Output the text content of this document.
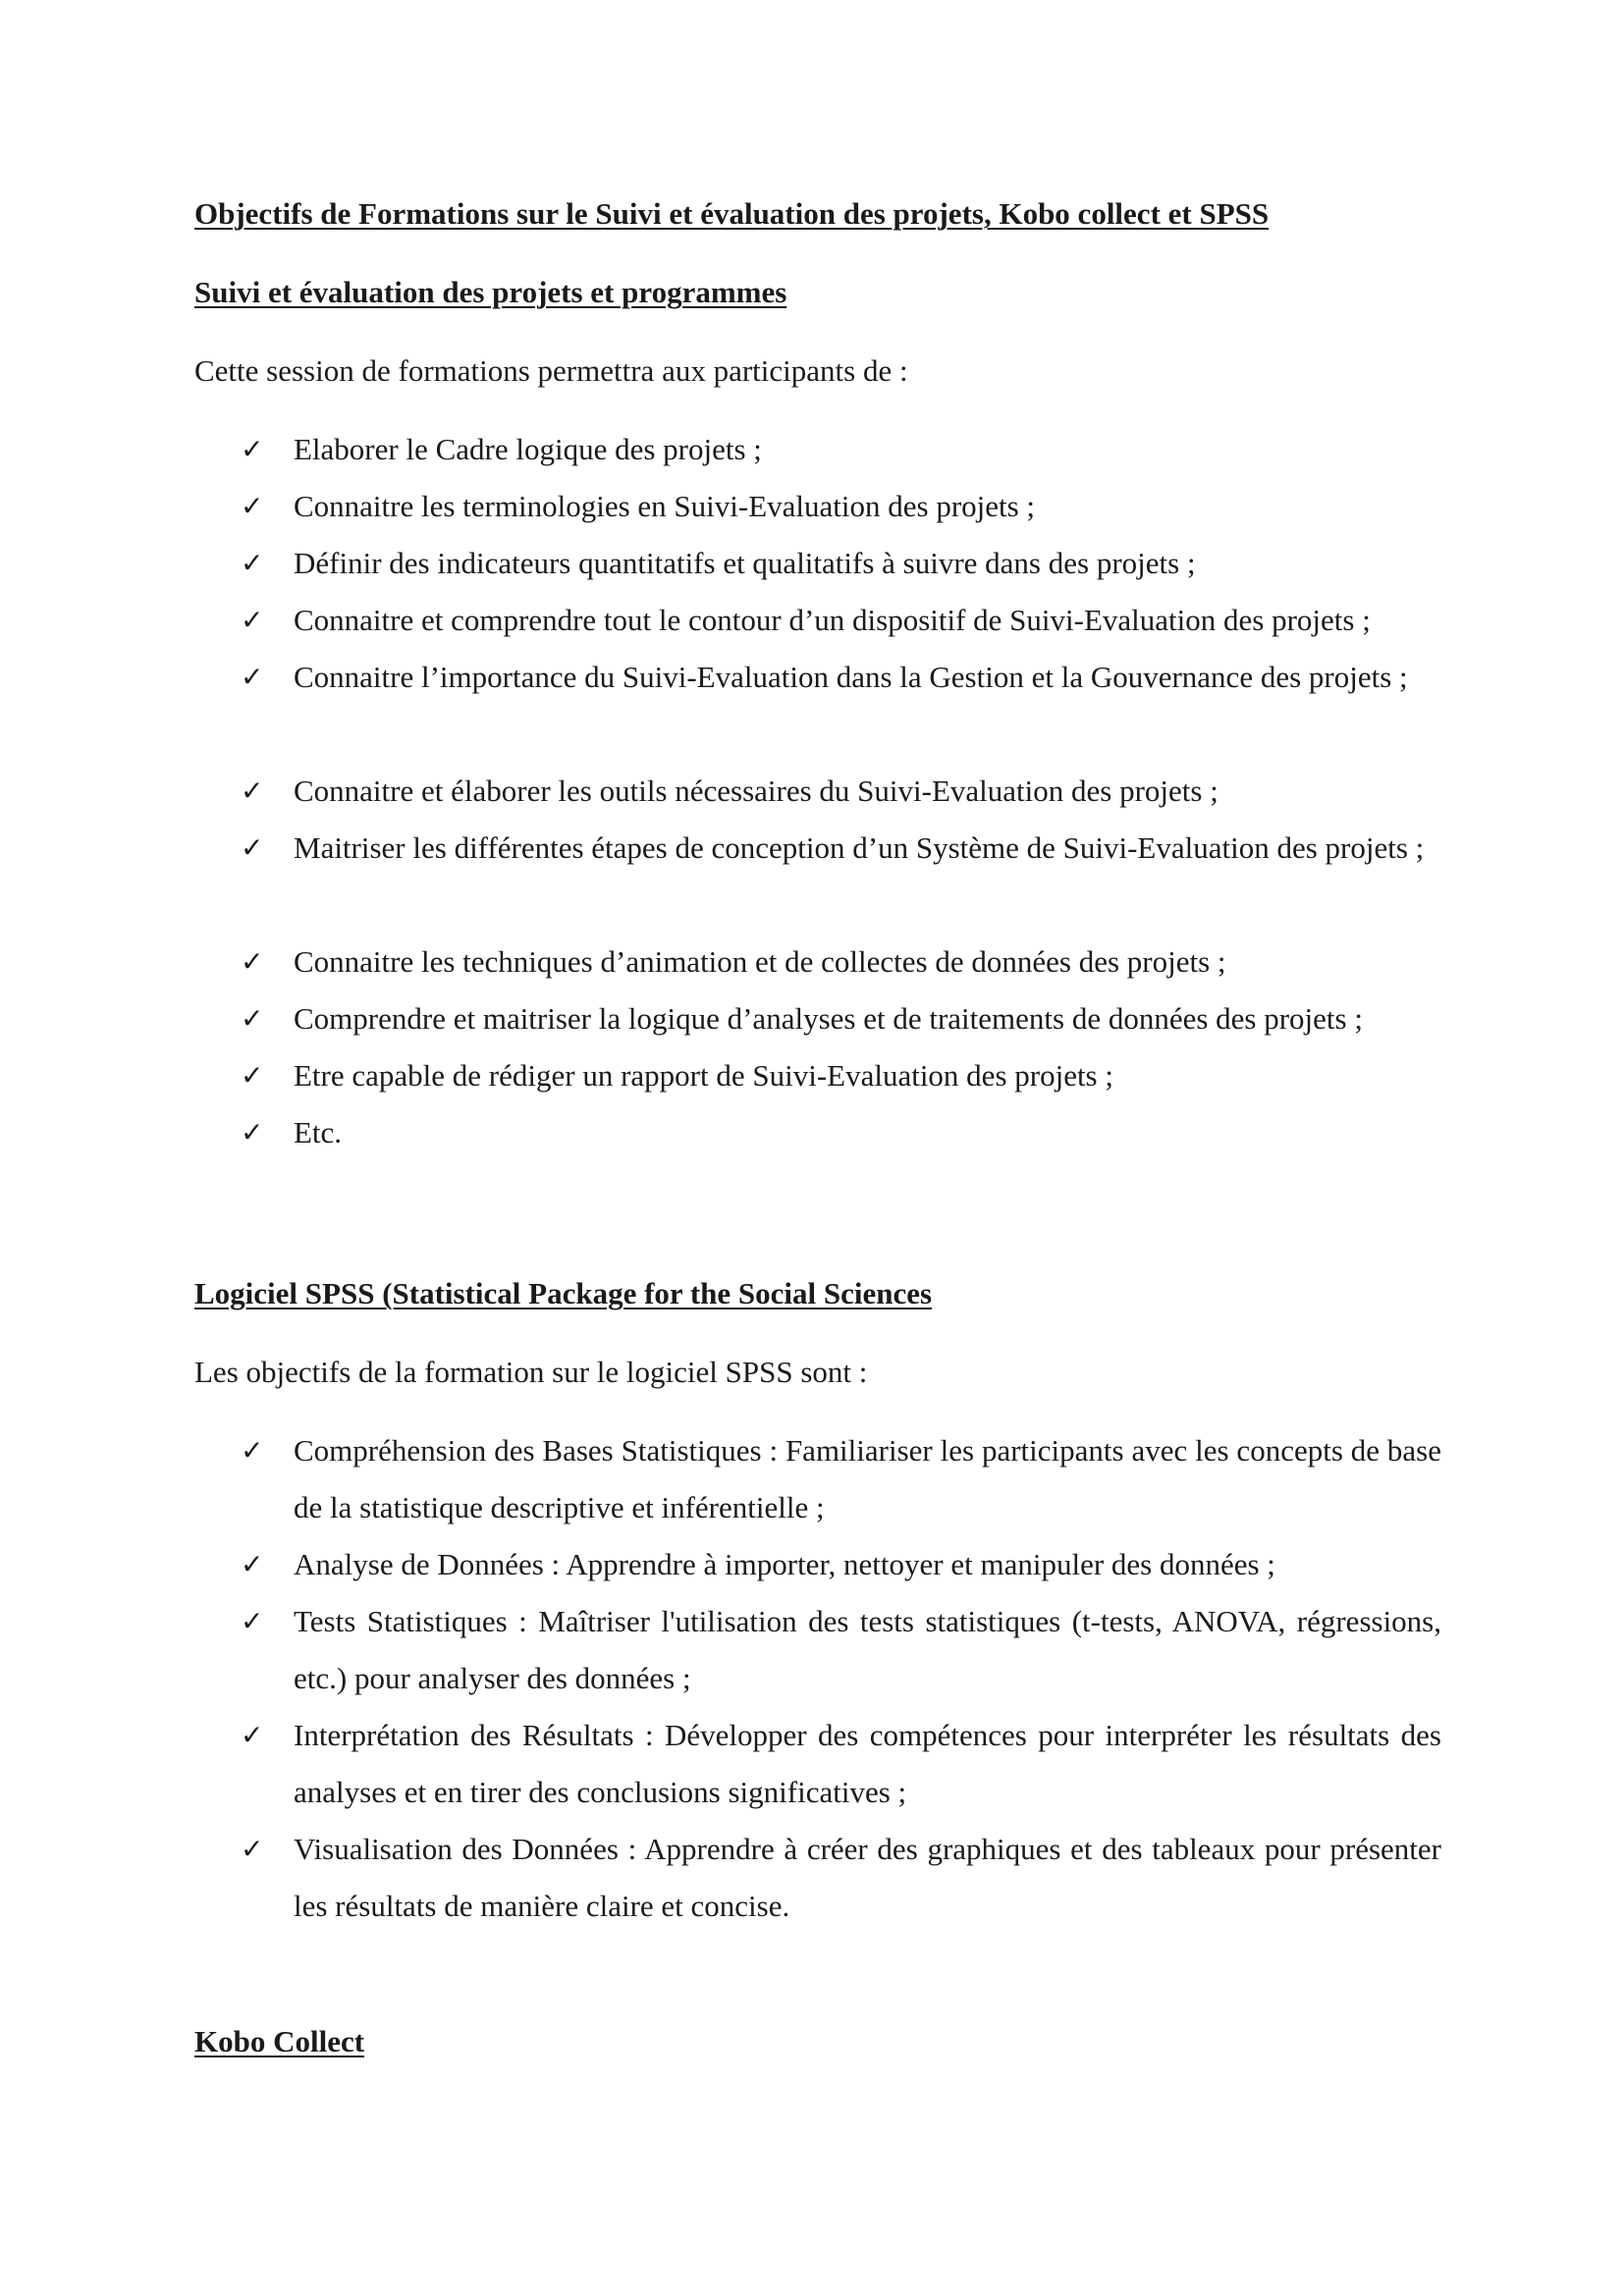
Objectifs de Formations sur le Suivi et évaluation des projets, Kobo collect et SPSS
Suivi et évaluation des projets et programmes
Cette session de formations permettra aux participants de :
✓ Elaborer le Cadre logique des projets ;
✓ Connaitre les terminologies en Suivi-Evaluation des projets ;
✓ Définir des indicateurs quantitatifs et qualitatifs à suivre dans des projets ;
✓ Connaitre et comprendre tout le contour d’un dispositif de Suivi-Evaluation des projets ;
✓ Connaitre l’importance du Suivi-Evaluation dans la Gestion et la Gouvernance des projets ;
✓ Connaitre et élaborer les outils nécessaires du Suivi-Evaluation des projets ;
✓ Maitriser les différentes étapes de conception d’un Système de Suivi-Evaluation des projets ;
✓ Connaitre les techniques d’animation et de collectes de données des projets ;
✓ Comprendre et maitriser la logique d’analyses et de traitements de données des projets ;
✓ Etre capable de rédiger un rapport de Suivi-Evaluation des projets ;
✓ Etc.
Logiciel SPSS (Statistical Package for the Social Sciences
Les objectifs de la formation sur le logiciel SPSS sont :
✓ Compréhension des Bases Statistiques : Familiariser les participants avec les concepts de base de la statistique descriptive et inférentielle ;
✓ Analyse de Données : Apprendre à importer, nettoyer et manipuler des données ;
✓ Tests Statistiques : Maîtriser l'utilisation des tests statistiques (t-tests, ANOVA, régressions, etc.) pour analyser des données ;
✓ Interprétation des Résultats : Développer des compétences pour interpréter les résultats des analyses et en tirer des conclusions significatives ;
✓ Visualisation des Données : Apprendre à créer des graphiques et des tableaux pour présenter les résultats de manière claire et concise.
Kobo Collect
